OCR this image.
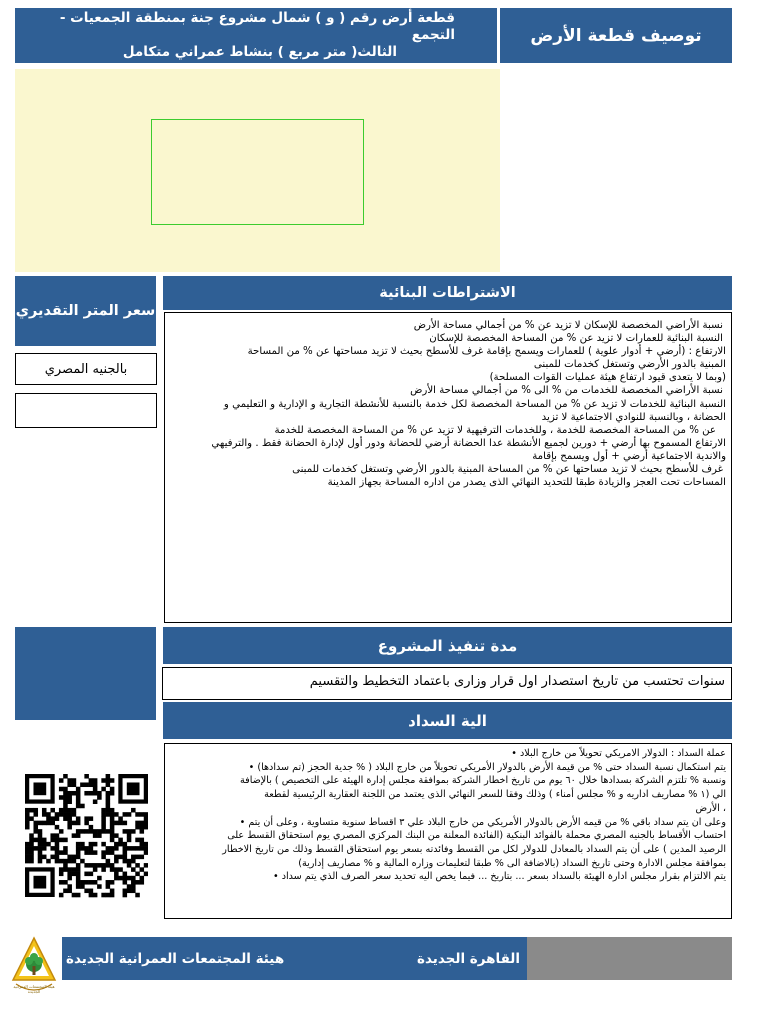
قطعة أرض رقم ( و ) شمال مشروع جنة بمنطقة الجمعيات - التجمع
الثالث( متر مربع ) بنشاط عمراني متكامل
توصيف قطعة الأرض
سعر المتر التقديري
بالجنيه المصري
الاشتراطات البنائية
نسبة الأراضي المخصصة للإسكان لا تزيد عن % من أجمالي مساحة الأرض
النسبة البنائية للعمارات لا تزيد عن % من المساحة المخصصة للإسكان
الارتفاع : (أرضي + أدوار علوية ) للعمارات ويسمح بإقامة غرف للأسطح بحيث لا تزيد مساحتها عن % من المساحة
المبنية بالدور الأرضي وتستغل كخدمات للمبنى
(وبما لا يتعدى قيود ارتفاع هيئة عمليات القوات المسلحة)
نسبة الأراضي المخصصة للخدمات من % الى % من أجمالي مساحة الأرض
النسبة البنائية للخدمات لا تزيد عن % من المساحة المخصصة لكل خدمة بالنسبة للأنشطة التجارية و الإدارية و التعليمي و
الحضانة ، وبالنسبة للنوادي الاجتماعية لا تزيد
عن % من المساحة المخصصة للخدمة ، وللخدمات الترفيهية لا تزيد عن % من المساحة المخصصة للخدمة
الارتفاع المسموح بها أرضي + دورين لجميع الأنشطة عدا الحضانة أرضي للحضانة ودور أول لإدارة الحضانة فقط . والترفيهي
والاندية الاجتماعية أرضي + أول ويسمح بإقامة
غرف للأسطح بحيث لا تزيد مساحتها عن % من المساحة المبنية بالدور الأرضي وتستغل كخدمات للمبنى
المساحات تحت العجز والزيادة طبقا للتحديد النهائي الذى يصدر من اداره المساحة بجهاز المدينة
مدة تنفيذ المشروع
سنوات تحتسب من تاريخ استصدار اول قرار وزارى باعتماد التخطيط والتقسيم
الية السداد
عملة السداد : الدولار الامريكي تحويلاً من خارج البلاد •
يتم استكمال نسبة السداد حتى % من قيمة الأرض بالدولار الأمريكي تحويلاً من خارج البلاد ( % جدية الحجز (تم سدادها) •
ونسبة % تلتزم الشركة بسدادها خلال ٦٠ يوم من تاريخ اخطار الشركة بموافقة مجلس إدارة الهيئة على التخصيص ) بالإضافة
الي (١ % مصاريف اداريه و % مجلس أمناء ) وذلك وفقا للسعر النهائي الذى يعتمد من اللجنة العقارية الرئيسية لقطعة
، الأرض
وعلى ان يتم سداد باقي % من قيمه الأرض بالدولار الأمريكي من خارج البلاد علي ٣ اقساط سنوية متساوية ، وعلى أن يتم •
احتساب الأقساط بالجنيه المصري محملة بالفوائد البنكية (الفائدة المعلنة من البنك المركزي المصري يوم استحقاق القسط على
الرصيد المدين ) على أن يتم السداد بالمعادل للدولار لكل من القسط وفائدته بسعر يوم استحقاق القسط وذلك من تاريخ الاخطار
بموافقة مجلس الادارة وحتى تاريخ السداد (بالاضافة الى % طبقا لتعليمات وزاره المالية و % مصاريف إدارية)
يتم الالتزام بقرار مجلس ادارة الهيئة بالسداد بسعر ... بتاريخ ... فيما يخص اليه تحديد سعر الصرف الذي يتم سداد •
هيئة المجتمعات العمرانية الجديدة
القاهرة الجديدة
هيئة المجتمعات العمرانية الجديدة
